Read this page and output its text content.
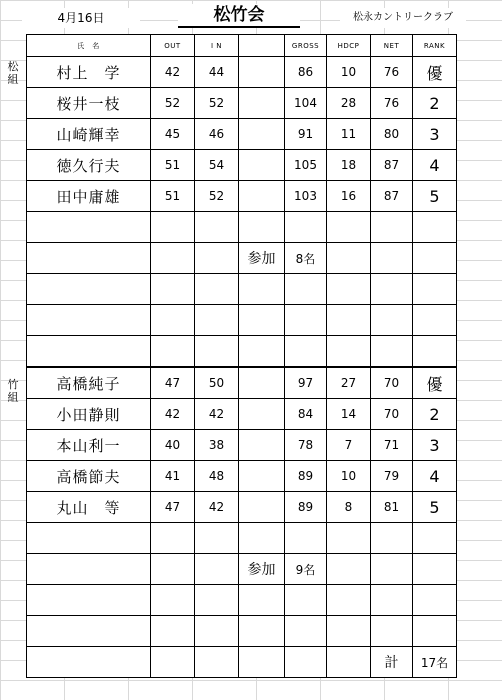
4月16日	松竹会	松永カントリークラブ
松組
竹組
氏　名	OUT	I N		GROSS	HDCP	NET	RANK
村上　学	42	44		86	10	76	優
桜井一枝	52	52		104	28	76	2
山崎輝幸	45	46		91	11	80	3
徳久行夫	51	54		105	18	87	4
田中庸雄	51	52		103	16	87	5

			参加	8名			

高橋純子	47	50		97	27	70	優
小田静則	42	42		84	14	70	2
本山利一	40	38		78	7	71	3
高橋節夫	41	48		89	10	79	4
丸山　等	47	42		89	8	81	5

			参加	9名			

						計	17名
